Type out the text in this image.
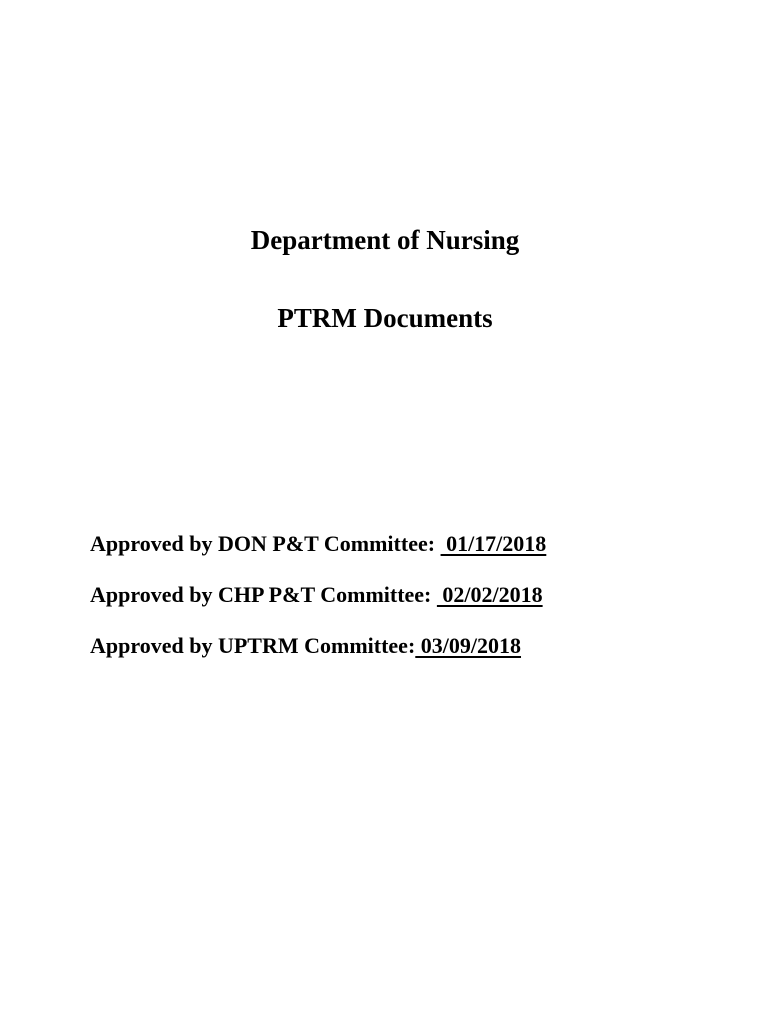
Department of Nursing
PTRM Documents
Approved by DON P&T Committee:  01/17/2018
Approved by CHP P&T Committee:  02/02/2018
Approved by UPTRM Committee: 03/09/2018
